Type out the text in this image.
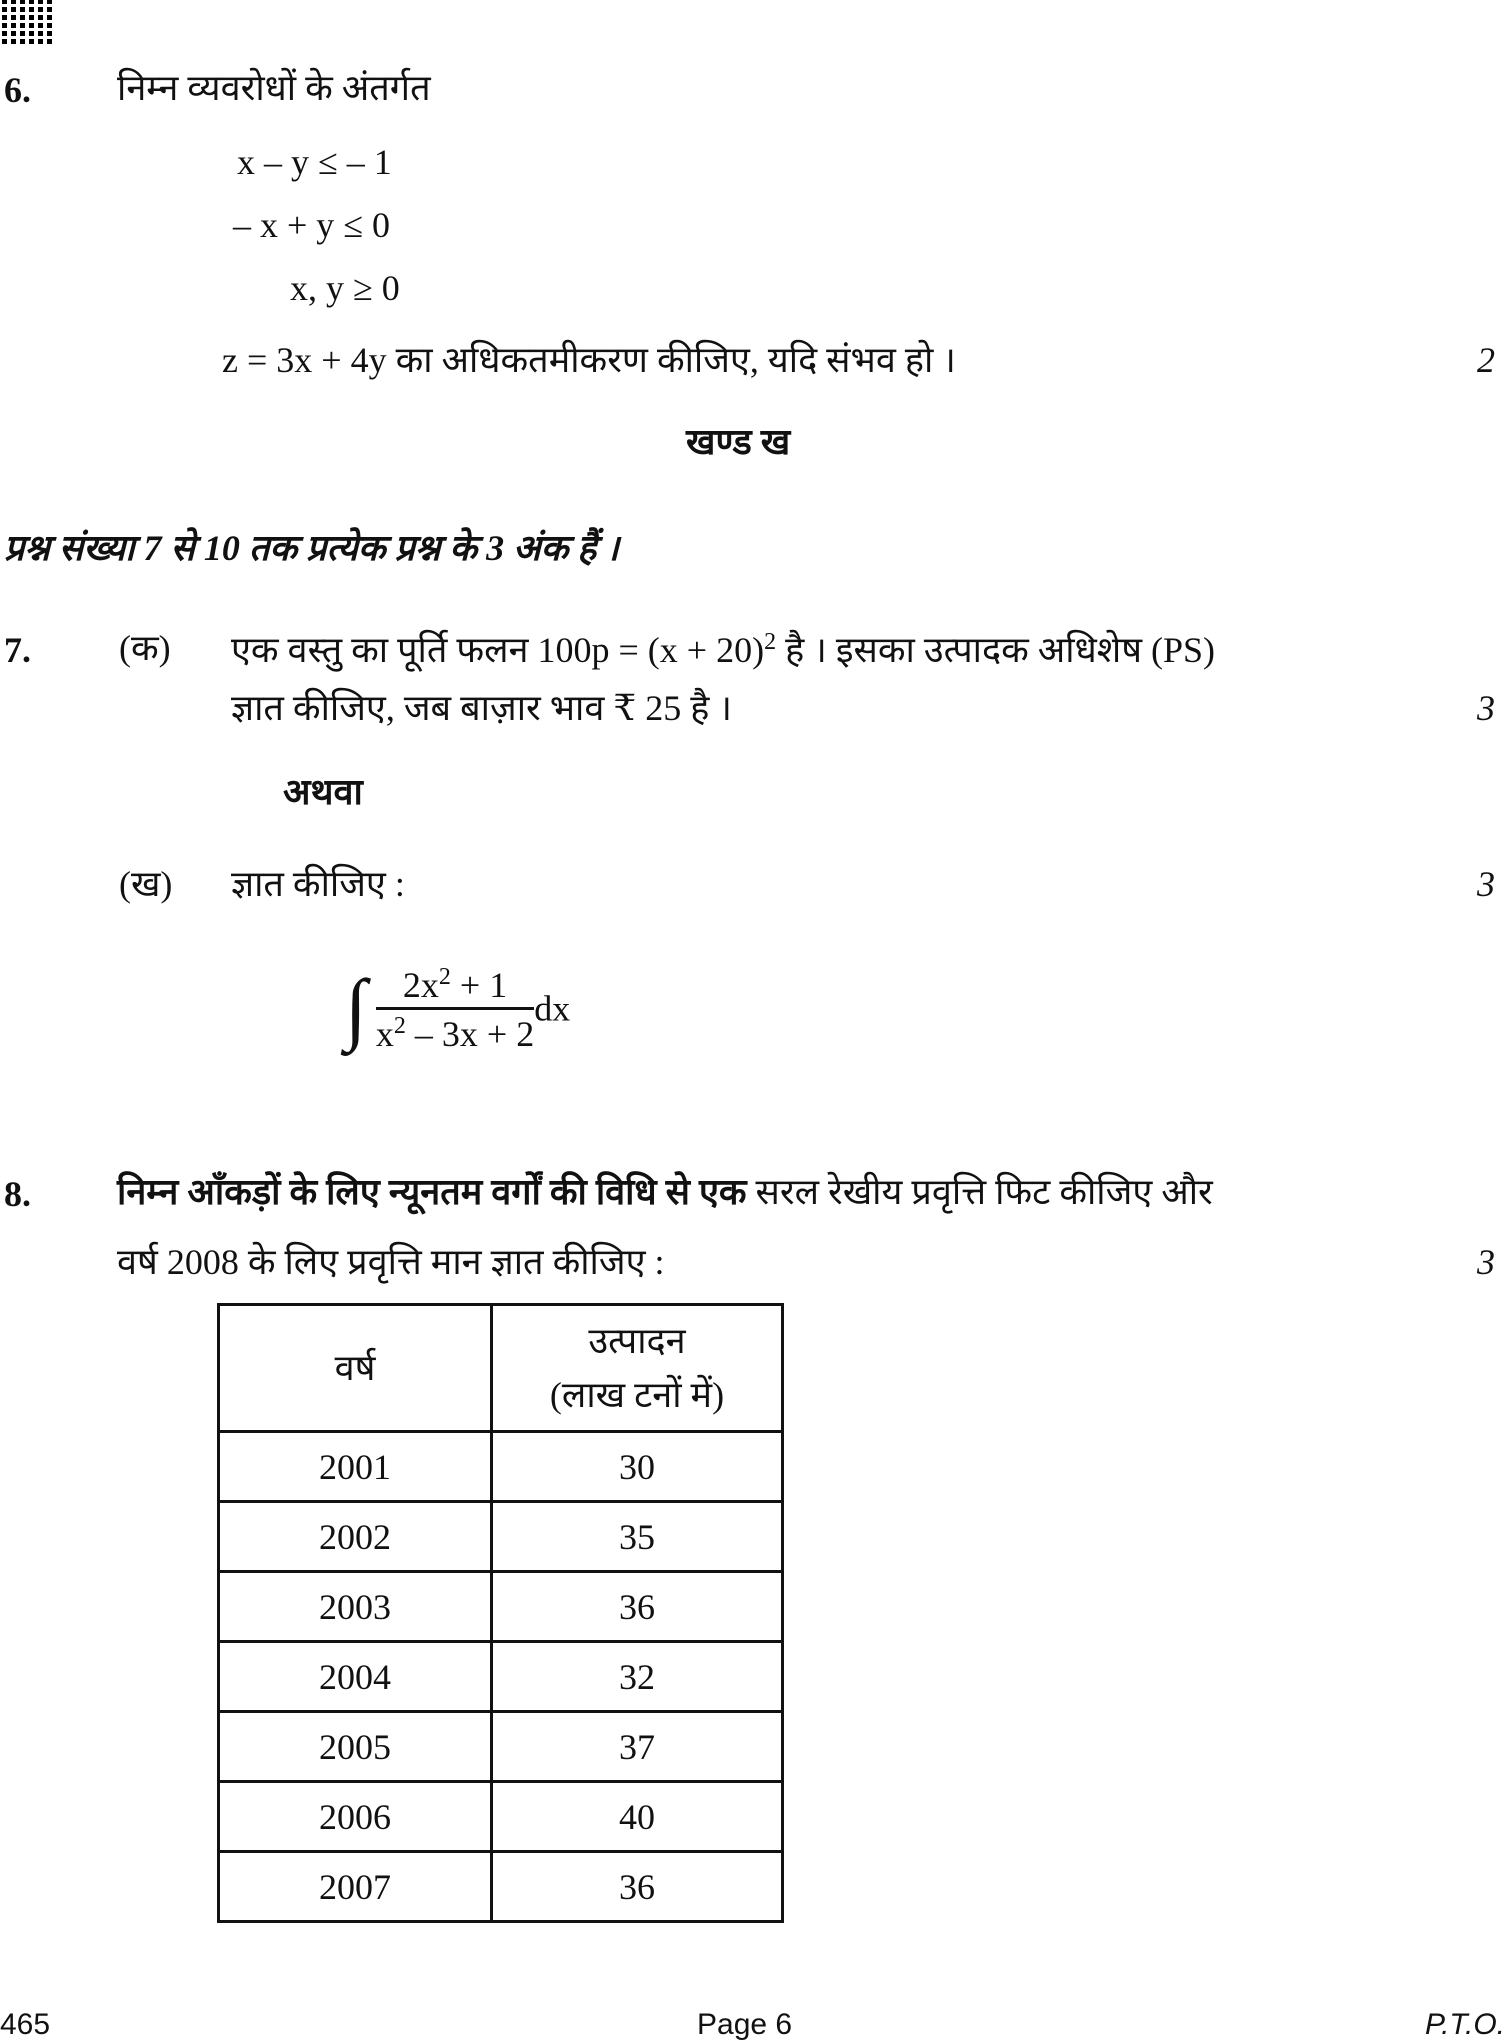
6. निम्न व्यवरोधों के अंतर्गत
x – y ≤ – 1
– x + y ≤ 0
x, y ≥ 0
z = 3x + 4y का अधिकतमीकरण कीजिए, यदि संभव हो ।	2
खण्ड ख
प्रश्न संख्या 7 से 10 तक प्रत्येक प्रश्न के 3 अंक हैं ।
7. (क) एक वस्तु का पूर्ति फलन $100p = (x + 20)^2$ है । इसका उत्पादक अधिशेष (PS)
ज्ञात कीजिए, जब बाज़ार भाव ₹ 25 है ।	3
अथवा
(ख) ज्ञात कीजिए :	3
∫ $\frac{2x^2 + 1}{x^2 - 3x + 2}$ dx
8. निम्न आँकड़ों के लिए न्यूनतम वर्गों की विधि से एक सरल रेखीय प्रवृत्ति फिट कीजिए और
वर्ष 2008 के लिए प्रवृत्ति मान ज्ञात कीजिए :	3
वर्ष	उत्पादन
(लाख टनों में)

2001	30
2002	35
2003	36
2004	32
2005	37
2006	40
2007	36
465	Page 6	P.T.O.
